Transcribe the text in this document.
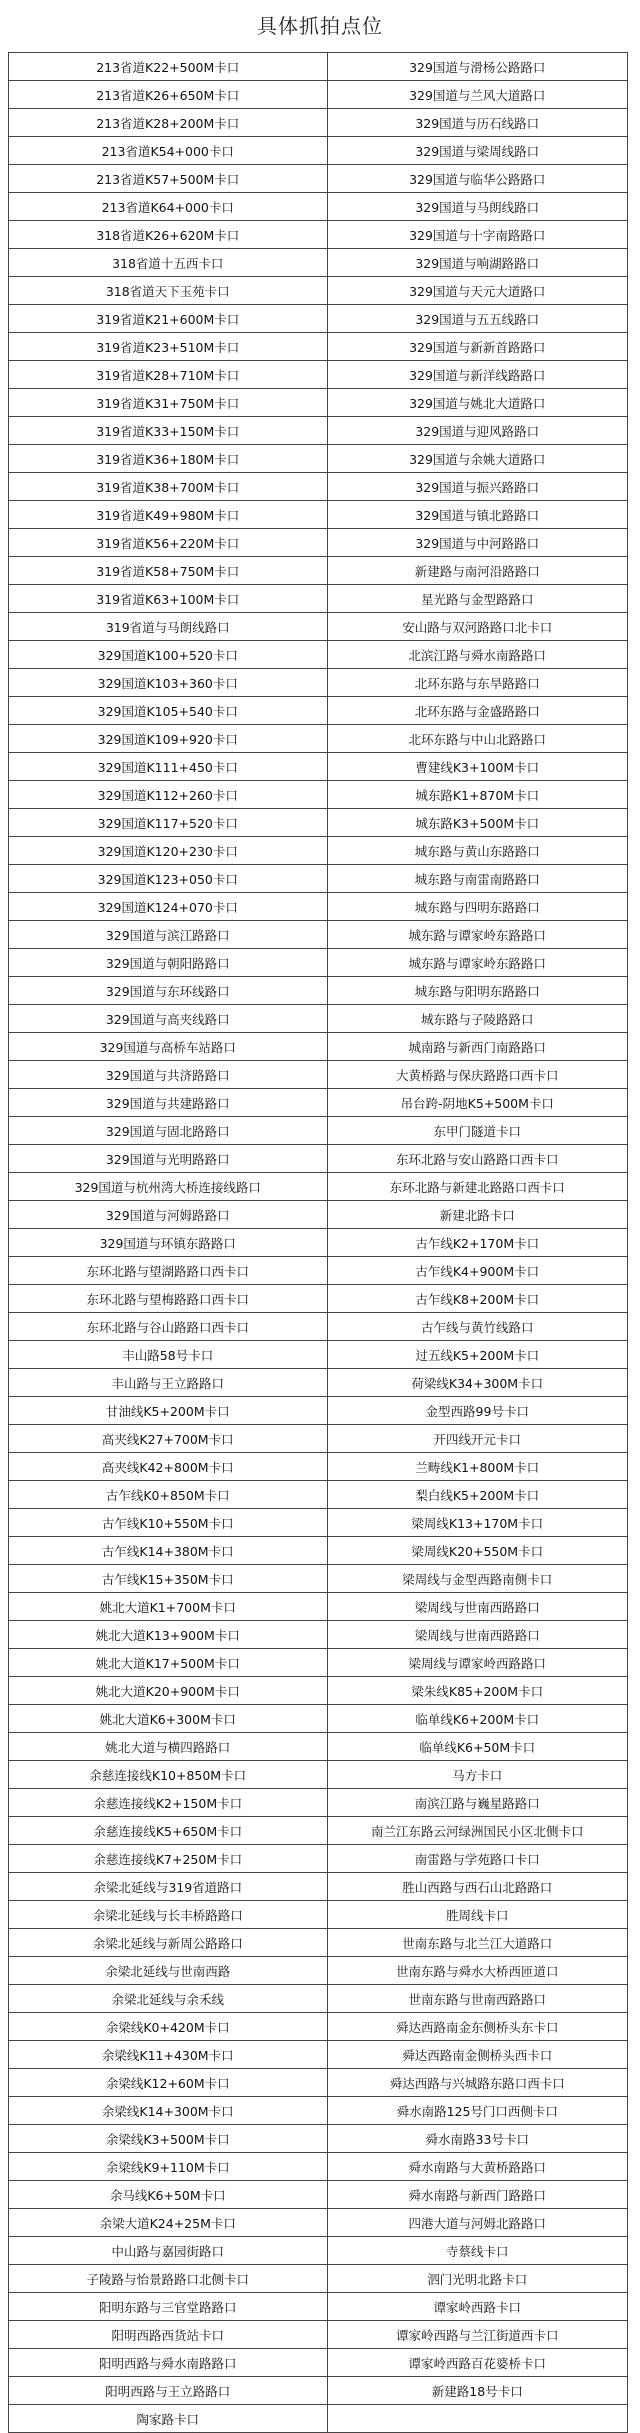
具体抓拍点位
213省道K22+500M卡口	329国道与滑杨公路路口
213省道K26+650M卡口	329国道与兰风大道路口
213省道K28+200M卡口	329国道与历石线路口
213省道K54+000卡口	329国道与梁周线路口
213省道K57+500M卡口	329国道与临华公路路口
213省道K64+000卡口	329国道与马朗线路口
318省道K26+620M卡口	329国道与十字南路路口
318省道十五西卡口	329国道与响湖路路口
318省道天下玉苑卡口	329国道与天元大道路口
319省道K21+600M卡口	329国道与五五线路口
319省道K23+510M卡口	329国道与新新首路路口
319省道K28+710M卡口	329国道与新洋线路路口
319省道K31+750M卡口	329国道与姚北大道路口
319省道K33+150M卡口	329国道与迎风路路口
319省道K36+180M卡口	329国道与余姚大道路口
319省道K38+700M卡口	329国道与振兴路路口
319省道K49+980M卡口	329国道与镇北路路口
319省道K56+220M卡口	329国道与中河路路口
319省道K58+750M卡口	新建路与南河沿路路口
319省道K63+100M卡口	星光路与金型路路口
319省道与马朗线路口	安山路与双河路路口北卡口
329国道K100+520卡口	北滨江路与舜水南路路口
329国道K103+360卡口	北环东路与东旱路路口
329国道K105+540卡口	北环东路与金盛路路口
329国道K109+920卡口	北环东路与中山北路路口
329国道K111+450卡口	曹建线K3+100M卡口
329国道K112+260卡口	城东路K1+870M卡口
329国道K117+520卡口	城东路K3+500M卡口
329国道K120+230卡口	城东路与黄山东路路口
329国道K123+050卡口	城东路与南雷南路路口
329国道K124+070卡口	城东路与四明东路路口
329国道与滨江路路口	城东路与谭家岭东路路口
329国道与朝阳路路口	城东路与谭家岭东路路口
329国道与东环线路口	城东路与阳明东路路口
329国道与高夹线路口	城东路与子陵路路口
329国道与高桥车站路口	城南路与新西门南路路口
329国道与共济路路口	大黄桥路与保庆路路口西卡口
329国道与共建路路口	吊台跨-阴地K5+500M卡口
329国道与固北路路口	东甲门隧道卡口
329国道与光明路路口	东环北路与安山路路口西卡口
329国道与杭州湾大桥连接线路口	东环北路与新建北路路口西卡口
329国道与河姆路路口	新建北路卡口
329国道与环镇东路路口	古乍线K2+170M卡口
东环北路与望湖路路口西卡口	古乍线K4+900M卡口
东环北路与望梅路路口西卡口	古乍线K8+200M卡口
东环北路与谷山路路口西卡口	古乍线与黄竹线路口
丰山路58号卡口	过五线K5+200M卡口
丰山路与王立路路口	荷梁线K34+300M卡口
甘油线K5+200M卡口	金型西路99号卡口
高夹线K27+700M卡口	开四线开元卡口
高夹线K42+800M卡口	兰畴线K1+800M卡口
古乍线K0+850M卡口	梨白线K5+200M卡口
古乍线K10+550M卡口	梁周线K13+170M卡口
古乍线K14+380M卡口	梁周线K20+550M卡口
古乍线K15+350M卡口	梁周线与金型西路南侧卡口
姚北大道K1+700M卡口	梁周线与世南西路路口
姚北大道K13+900M卡口	梁周线与世南西路路口
姚北大道K17+500M卡口	梁周线与谭家岭西路路口
姚北大道K20+900M卡口	梁朱线K85+200M卡口
姚北大道K6+300M卡口	临单线K6+200M卡口
姚北大道与横四路路口	临单线K6+50M卡口
余慈连接线K10+850M卡口	马方卡口
余慈连接线K2+150M卡口	南滨江路与巍星路路口
余慈连接线K5+650M卡口	南兰江东路云河绿洲国民小区北侧卡口
余慈连接线K7+250M卡口	南雷路与学苑路口卡口
余梁北延线与319省道路口	胜山西路与西石山北路路口
余梁北延线与长丰桥路路口	胜周线卡口
余梁北延线与新周公路路口	世南东路与北兰江大道路口
余梁北延线与世南西路	世南东路与舜水大桥西匝道口
余梁北延线与余禾线	世南东路与世南西路路口
余梁线K0+420M卡口	舜达西路南金东侧桥头东卡口
余梁线K11+430M卡口	舜达西路南金侧桥头西卡口
余梁线K12+60M卡口	舜达西路与兴城路东路口西卡口
余梁线K14+300M卡口	舜水南路125号门口西侧卡口
余梁线K3+500M卡口	舜水南路33号卡口
余梁线K9+110M卡口	舜水南路与大黄桥路路口
余马线K6+50M卡口	舜水南路与新西门路路口
余梁大道K24+25M卡口	四港大道与河姆北路路口
中山路与嘉园街路口	寺蔡线卡口
子陵路与怡景路路口北侧卡口	泗门光明北路卡口
阳明东路与三官堂路路口	谭家岭西路卡口
阳明西路西货站卡口	谭家岭西路与兰江街道西卡口
阳明西路与舜水南路路口	谭家岭西路百花婆桥卡口
阳明西路与王立路路口	新建路18号卡口
陶家路卡口	
